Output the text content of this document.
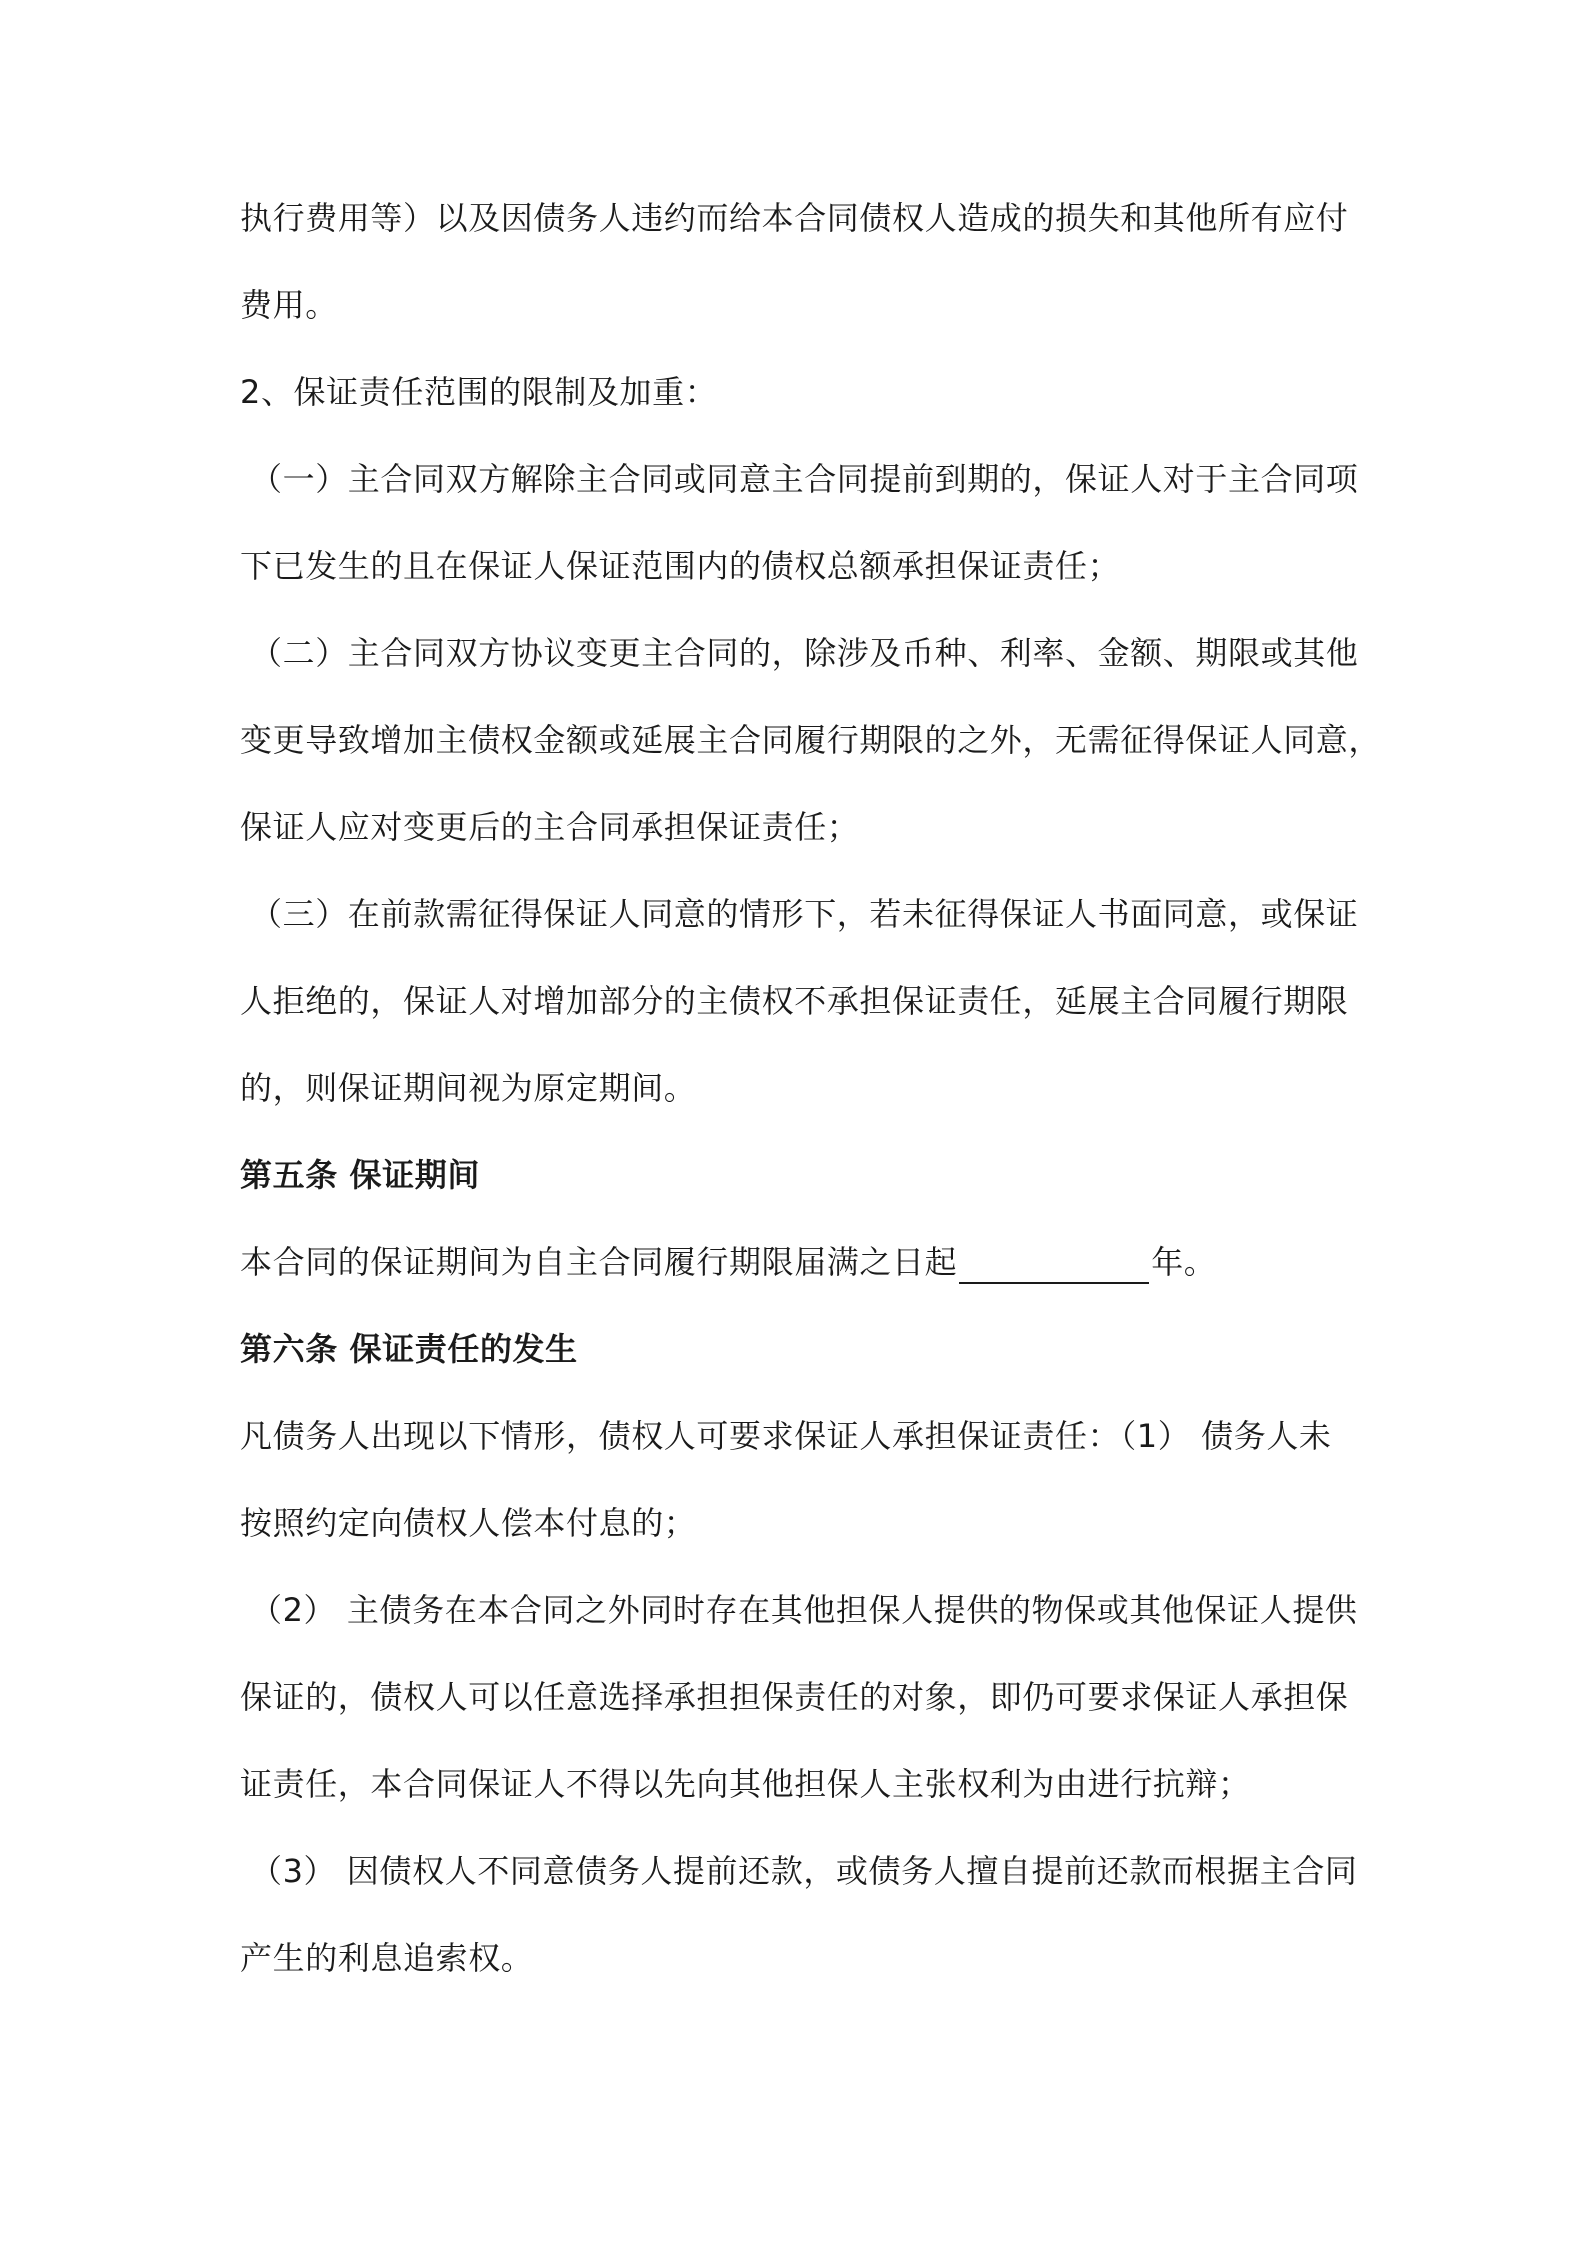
执行费用等）以及因债务人违约而给本合同债权人造成的损失和其他所有应付
费用。
2、保证责任范围的限制及加重：
（一）主合同双方解除主合同或同意主合同提前到期的，保证人对于主合同项
下已发生的且在保证人保证范围内的债权总额承担保证责任；
（二）主合同双方协议变更主合同的，除涉及币种、利率、金额、期限或其他
变更导致增加主债权金额或延展主合同履行期限的之外，无需征得保证人同意，
保证人应对变更后的主合同承担保证责任；
（三）在前款需征得保证人同意的情形下，若未征得保证人书面同意，或保证
人拒绝的，保证人对增加部分的主债权不承担保证责任，延展主合同履行期限
的，则保证期间视为原定期间。
第五条 保证期间
本合同的保证期间为自主合同履行期限届满之日起	年。
第六条 保证责任的发生
凡债务人出现以下情形，债权人可要求保证人承担保证责任：（1） 债务人未
按照约定向债权人偿本付息的；
（2） 主债务在本合同之外同时存在其他担保人提供的物保或其他保证人提供
保证的，债权人可以任意选择承担担保责任的对象，即仍可要求保证人承担保
证责任，本合同保证人不得以先向其他担保人主张权利为由进行抗辩；
（3） 因债权人不同意债务人提前还款，或债务人擅自提前还款而根据主合同
产生的利息追索权。
